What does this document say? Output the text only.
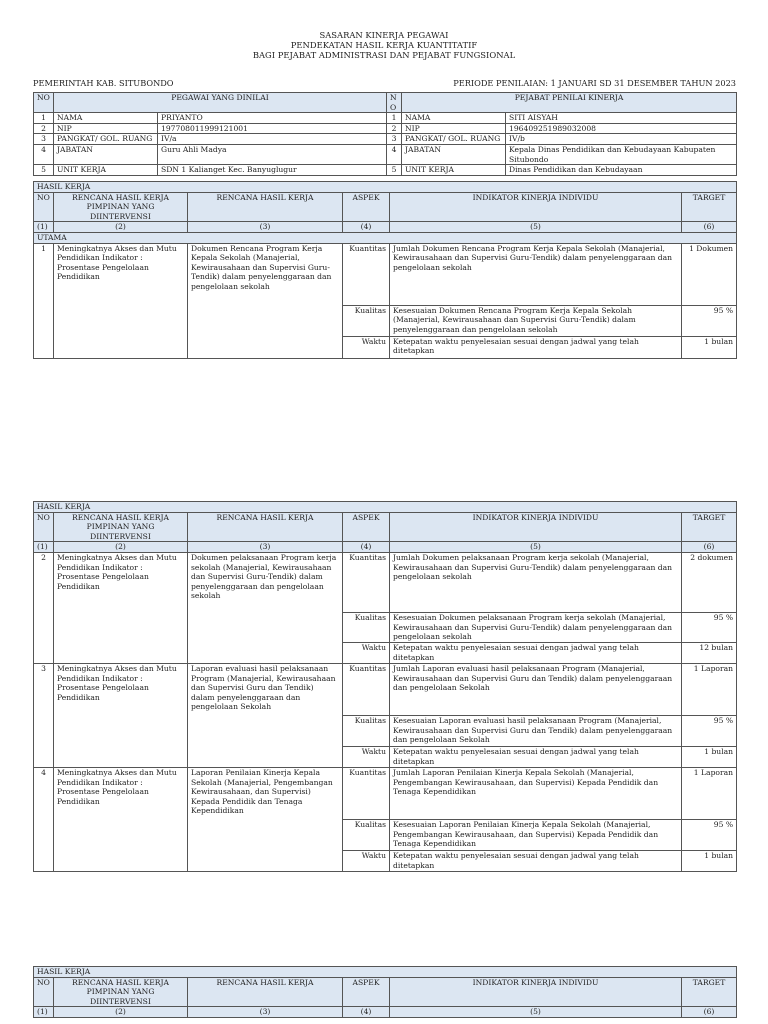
SASARAN KINERJA PEGAWAI
PENDEKATAN HASIL KERJA KUANTITATIF
BAGI PEJABAT ADMINISTRASI DAN PEJABAT FUNGSIONAL
PEMERINTAH KAB. SITUBONDO	PERIODE PENILAIAN: 1 JANUARI SD 31 DESEMBER TAHUN 2023
NO	PEGAWAI YANG DINILAI		NO	PEJABAT PENILAI KINERJA	
1	NAMA	PRIYANTO	1	NAMA	SITI AISYAH
2	NIP	197708011999121001	2	NIP	196409251989032008
3	PANGKAT/ GOL. RUANG	IV/a	3	PANGKAT/ GOL. RUANG	IV/b
4	JABATAN	Guru Ahli Madya	4	JABATAN	Kepala Dinas Pendidikan dan Kebudayaan Kabupaten Situbondo
5	UNIT KERJA	SDN 1 Kalianget Kec. Banyuglugur	5	UNIT KERJA	Dinas Pendidikan dan Kebudayaan
HASIL KERJA					
NO	RENCANA HASIL KERJA PIMPINAN YANG DIINTERVENSI	RENCANA HASIL KERJA	ASPEK	INDIKATOR KINERJA INDIVIDU	TARGET
(1)	(2)	(3)	(4)	(5)	(6)
UTAMA					
1	Meningkatnya Akses dan Mutu Pendidikan Indikator : Prosentase Pengelolaan Pendidikan	Dokumen Rencana Program Kerja Kepala Sekolah (Manajerial, Kewirausahaan dan Supervisi Guru-Tendik) dalam penyelenggaraan dan pengelolaan sekolah	Kuantitas	Jumlah Dokumen Rencana Program Kerja Kepala Sekolah (Manajerial, Kewirausahaan dan Supervisi Guru-Tendik) dalam penyelenggaraan dan pengelolaan sekolah	1 Dokumen
			Kualitas	Kesesuaian Dokumen Rencana Program Kerja Kepala Sekolah (Manajerial, Kewirausahaan dan Supervisi Guru-Tendik) dalam penyelenggaraan dan pengelolaan sekolah	95 %
			Waktu	Ketepatan waktu penyelesaian sesuai dengan jadwal yang telah ditetapkan	1 bulan
HASIL KERJA					
NO	RENCANA HASIL KERJA PIMPINAN YANG DIINTERVENSI	RENCANA HASIL KERJA	ASPEK	INDIKATOR KINERJA INDIVIDU	TARGET
(1)	(2)	(3)	(4)	(5)	(6)
2	Meningkatnya Akses dan Mutu Pendidikan Indikator : Prosentase Pengelolaan Pendidikan	Dokumen pelaksanaan Program kerja sekolah (Manajerial, Kewirausahaan dan Supervisi Guru-Tendik) dalam penyelenggaraan dan pengelolaan sekolah	Kuantitas	Jumlah Dokumen pelaksanaan Program kerja sekolah (Manajerial, Kewirausahaan dan Supervisi Guru-Tendik) dalam penyelenggaraan dan pengelolaan sekolah	2 dokumen
			Kualitas	Kesesuaian Dokumen pelaksanaan Program kerja sekolah (Manajerial, Kewirausahaan dan Supervisi Guru-Tendik) dalam penyelenggaraan dan pengelolaan sekolah	95 %
			Waktu	Ketepatan waktu penyelesaian sesuai dengan jadwal yang telah ditetapkan	12 bulan
3	Meningkatnya Akses dan Mutu Pendidikan Indikator : Prosentase Pengelolaan Pendidikan	Laporan evaluasi hasil pelaksanaan Program (Manajerial, Kewirausahaan dan Supervisi Guru dan Tendik) dalam penyelenggaraan dan pengelolaan Sekolah	Kuantitas	Jumlah Laporan evaluasi hasil pelaksanaan Program (Manajerial, Kewirausahaan dan Supervisi Guru dan Tendik) dalam penyelenggaraan dan pengelolaan Sekolah	1 Laporan
			Kualitas	Kesesuaian Laporan evaluasi hasil pelaksanaan Program (Manajerial, Kewirausahaan dan Supervisi Guru dan Tendik) dalam penyelenggaraan dan pengelolaan Sekolah	95 %
			Waktu	Ketepatan waktu penyelesaian sesuai dengan jadwal yang telah ditetapkan	1 bulan
4	Meningkatnya Akses dan Mutu Pendidikan Indikator : Prosentase Pengelolaan Pendidikan	Laporan Penilaian Kinerja Kepala Sekolah (Manajerial, Pengembangan Kewirausahaan, dan Supervisi) Kepada Pendidik dan Tenaga Kependidikan	Kuantitas	Jumlah Laporan Penilaian Kinerja Kepala Sekolah (Manajerial, Pengembangan Kewirausahaan, dan Supervisi) Kepada Pendidik dan Tenaga Kependidikan	1 Laporan
			Kualitas	Kesesuaian Laporan Penilaian Kinerja Kepala Sekolah (Manajerial, Pengembangan Kewirausahaan, dan Supervisi) Kepada Pendidik dan Tenaga Kependidikan	95 %
			Waktu	Ketepatan waktu penyelesaian sesuai dengan jadwal yang telah ditetapkan	1 bulan
HASIL KERJA					
NO	RENCANA HASIL KERJA PIMPINAN YANG DIINTERVENSI	RENCANA HASIL KERJA	ASPEK	INDIKATOR KINERJA INDIVIDU	TARGET
(1)	(2)	(3)	(4)	(5)	(6)
